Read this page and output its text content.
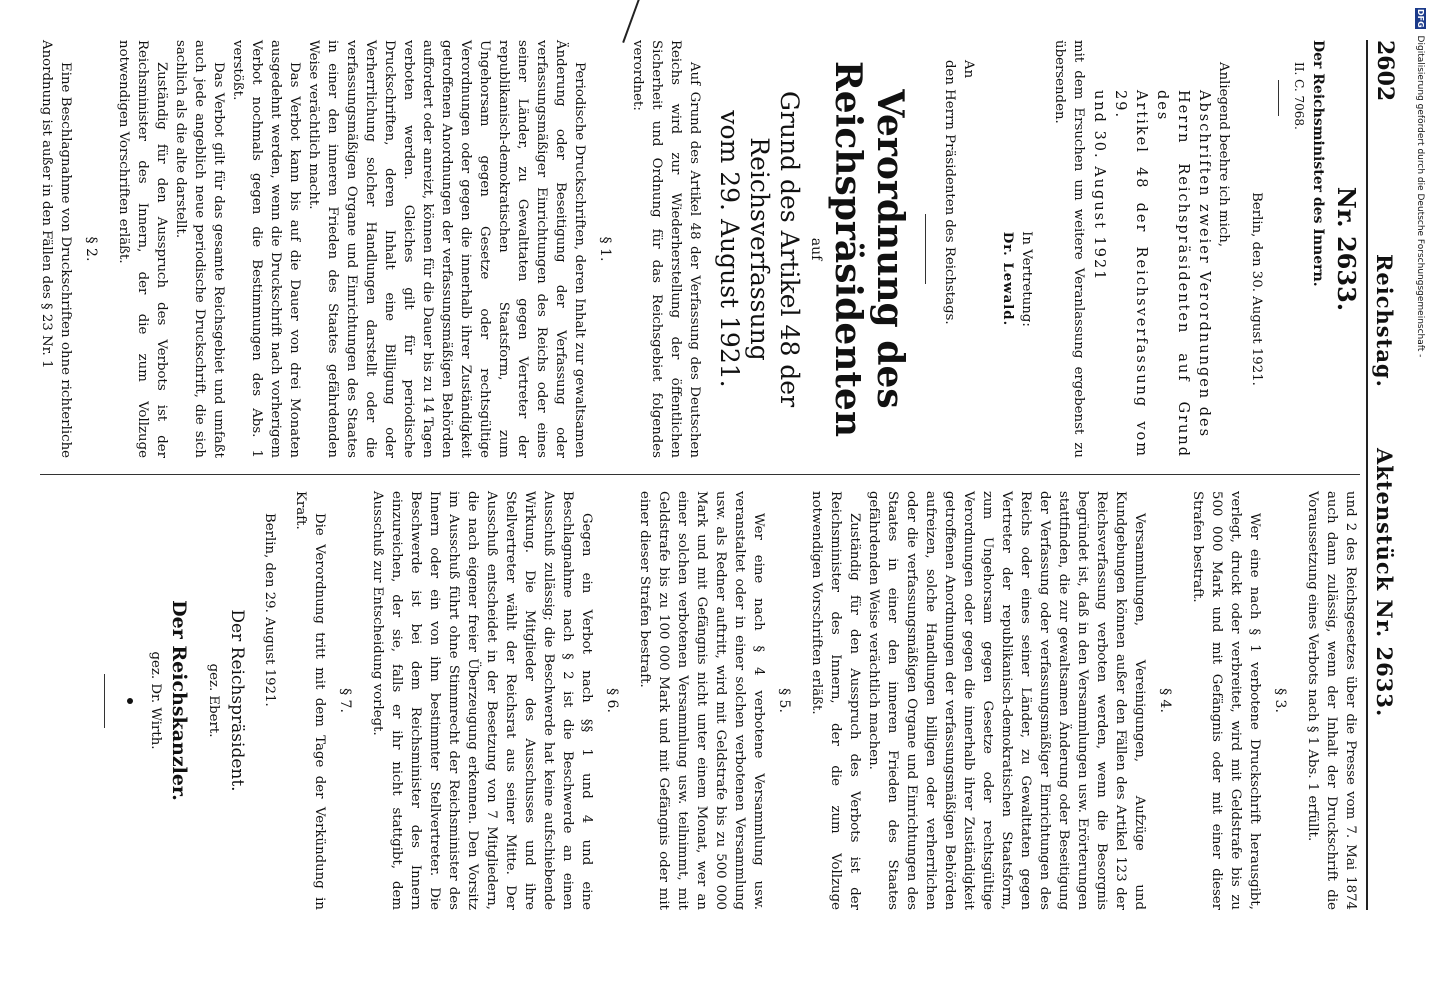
DFG Digitalisierung gefördert durch die Deutsche Forschungsgemeinschaft -
2602
Reichstag.Aktenstück Nr. 2633.
Nr. 2633.

Der Reichsminister des Innern.

II. C. 7068.

Berlin, den 30. August 1921.

Anliegend beehre ich mich,

Abschriften zweier Verordnungen des

Herrn Reichspräsidenten auf Grund des

Artikel 48 der Reichsverfassung vom 29.

und 30. August 1921

mit dem Ersuchen um weitere Veranlassung ergebenst zu übersenden.

In Vertretung:

Dr. Lewald.

An

den Herrn Präsidenten des Reichstags.

Verordnung des Reichspräsidenten
auf
Grund des Artikel 48 der Reichsverfassung
vom 29. August 1921.

Auf Grund des Artikel 48 der Verfassung des Deutschen Reichs wird zur Wiederherstellung der öffentlichen Sicherheit und Ordnung für das Reichsgebiet folgendes verordnet:

§ 1.

Periodische Druckschriften, deren Inhalt zur gewaltsamen Änderung oder Beseitigung der Verfassung oder verfassungsmäßiger Einrichtungen des Reichs oder eines seiner Länder, zu Gewalttaten gegen Vertreter der republikanisch-demokratischen Staatsform, zum Ungehorsam gegen Gesetze oder rechtsgültige Verordnungen oder gegen die innerhalb ihrer Zuständigkeit getroffenen Anordnungen der verfassungsmäßigen Behörden auffordert oder anreizt, können für die Dauer bis zu 14 Tagen verboten werden. Gleiches gilt für periodische Druckschriften, deren Inhalt eine Billigung oder Verherrlichung solcher Handlungen darstellt oder die verfassungsmäßigen Organe und Einrichtungen des Staates in einer den inneren Frieden des Staates gefährdenden Weise verächtlich macht.

Das Verbot kann bis auf die Dauer von drei Monaten ausgedehnt werden, wenn die Druckschrift nach vorherigem Verbot nochmals gegen die Bestimmungen des Abs. 1 verstößt.

Das Verbot gilt für das gesamte Reichsgebiet und umfaßt auch jede angeblich neue periodische Druckschrift, die sich sachlich als die alte darstellt.

Zuständig für den Ausspruch des Verbots ist der Reichsminister des Innern, der die zum Vollzuge notwendigen Vorschriften erläßt.

§ 2.

Eine Beschlagnahme von Druckschriften ohne richterliche Anordnung ist außer in den Fällen des § 23 Nr. 1

und 2 des Reichsgesetzes über die Presse vom 7. Mai 1874 auch dann zulässig, wenn der Inhalt der Druckschrift die Voraussetzung eines Verbots nach § 1 Abs. 1 erfüllt.

§ 3.

Wer eine nach § 1 verbotene Druckschrift herausgibt, verlegt, druckt oder verbreitet, wird mit Geldstrafe bis zu 500 000 Mark und mit Gefängnis oder mit einer dieser Strafen bestraft.

§ 4.

Versammlungen, Vereinigungen, Aufzüge und Kundgebungen können außer den Fällen des Artikel 123 der Reichsverfassung verboten werden, wenn die Besorgnis begründet ist, daß in den Versammlungen usw. Erörterungen stattfinden, die zur gewaltsamen Änderung oder Beseitigung der Verfassung oder verfassungsmäßiger Einrichtungen des Reichs oder eines seiner Länder, zu Gewalttaten gegen Vertreter der republikanisch-demokratischen Staatsform, zum Ungehorsam gegen Gesetze oder rechtsgültige Verordnungen oder gegen die innerhalb ihrer Zuständigkeit getroffenen Anordnungen der verfassungsmäßigen Behörden aufreizen, solche Handlungen billigen oder verherrlichen oder die verfassungsmäßigen Organe und Einrichtungen des Staates in einer den inneren Frieden des Staates gefährdenden Weise verächtlich machen.

Zuständig für den Ausspruch des Verbots ist der Reichsminister des Innern, der die zum Vollzuge notwendigen Vorschriften erläßt.

§ 5.

Wer eine nach § 4 verbotene Versammlung usw. veranstaltet oder in einer solchen verbotenen Versammlung usw. als Redner auftritt, wird mit Geldstrafe bis zu 500 000 Mark und mit Gefängnis nicht unter einem Monat, wer an einer solchen verbotenen Versammlung usw. teilnimmt, mit Geldstrafe bis zu 100 000 Mark und mit Gefängnis oder mit einer dieser Strafen bestraft.

§ 6.

Gegen ein Verbot nach §§ 1 und 4 und eine Beschlagnahme nach § 2 ist die Beschwerde an einen Ausschuß zulässig; die Beschwerde hat keine aufschiebende Wirkung. Die Mitglieder des Ausschusses und ihre Stellvertreter wählt der Reichsrat aus seiner Mitte. Der Ausschuß entscheidet in der Besetzung von 7 Mitgliedern, die nach eigener freier Überzeugung erkennen. Den Vorsitz im Ausschuß führt ohne Stimmrecht der Reichsminister des Innern oder ein von ihm bestimmter Stellvertreter. Die Beschwerde ist bei dem Reichsminister des Innern einzureichen, der sie, falls er ihr nicht stattgibt, dem Ausschuß zur Entscheidung vorlegt.

§ 7.

Die Verordnung tritt mit dem Tage der Verkündung in Kraft.

Berlin, den 29. August 1921.

Der Reichspräsident.

gez. Ebert.

Der Reichskanzler.

gez. Dr. Wirth.
